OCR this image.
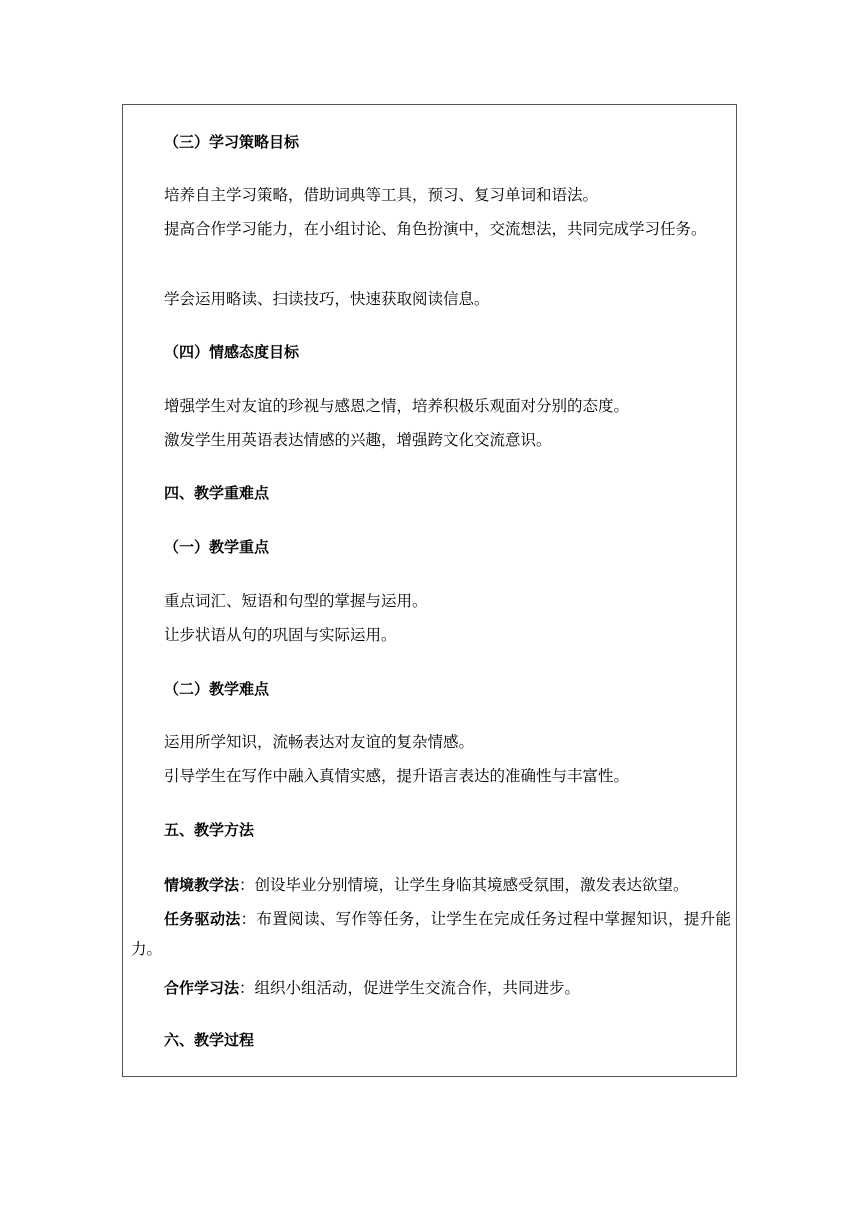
（三）学习策略目标
培养自主学习策略，借助词典等工具，预习、复习单词和语法。
提高合作学习能力，在小组讨论、角色扮演中，交流想法，共同完成学习任务。
学会运用略读、扫读技巧，快速获取阅读信息。
（四）情感态度目标
增强学生对友谊的珍视与感恩之情，培养积极乐观面对分别的态度。
激发学生用英语表达情感的兴趣，增强跨文化交流意识。
四、教学重难点
（一）教学重点
重点词汇、短语和句型的掌握与运用。
让步状语从句的巩固与实际运用。
（二）教学难点
运用所学知识，流畅表达对友谊的复杂情感。
引导学生在写作中融入真情实感，提升语言表达的准确性与丰富性。
五、教学方法
情境教学法：创设毕业分别情境，让学生身临其境感受氛围，激发表达欲望。
任务驱动法：布置阅读、写作等任务，让学生在完成任务过程中掌握知识，提升能力。
合作学习法：组织小组活动，促进学生交流合作，共同进步。
六、教学过程
